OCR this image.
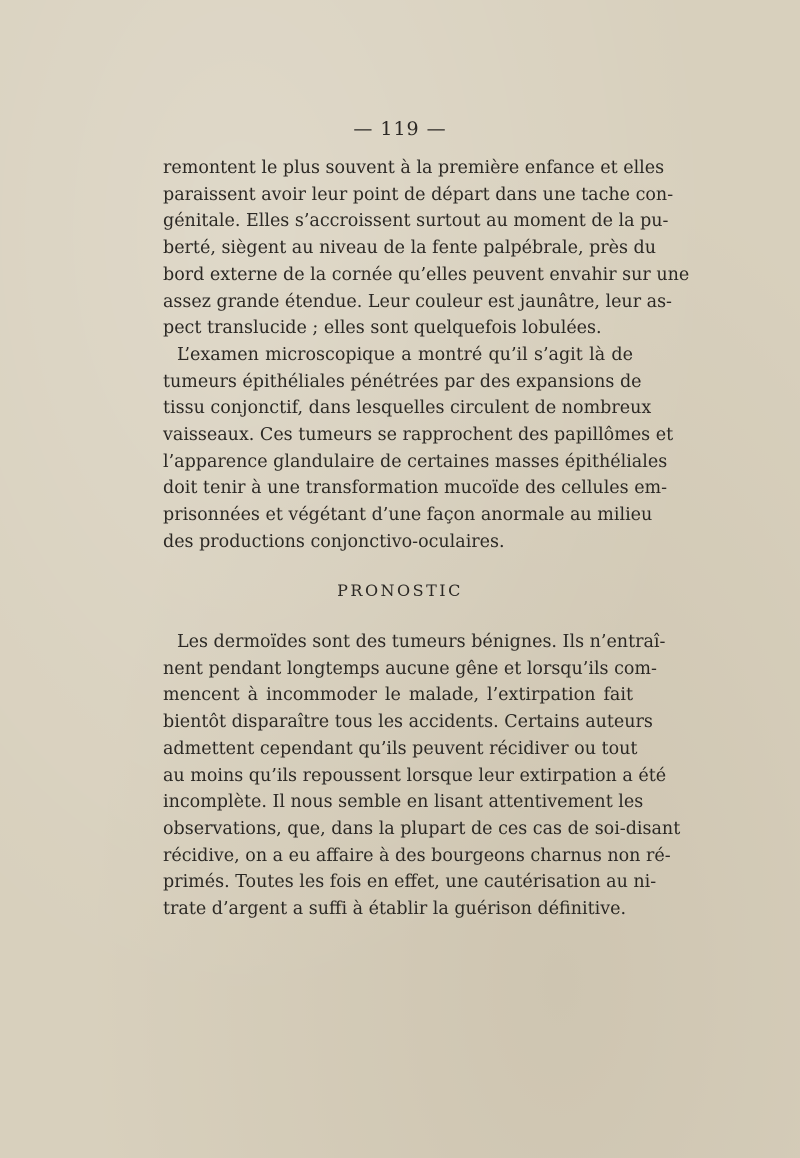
— 119 —
remontent le plus souvent à la première enfance et elles
paraissent avoir leur point de départ dans une tache con-
génitale. Elles s’accroissent surtout au moment de la pu-
berté, siègent au niveau de la fente palpébrale, près du
bord externe de la cornée qu’elles peuvent envahir sur une
assez grande étendue. Leur couleur est jaunâtre, leur as-
pect translucide ; elles sont quelquefois lobulées.
L’examen microscopique a montré qu’il s’agit là de
tumeurs épithéliales pénétrées par des expansions de
tissu conjonctif, dans lesquelles circulent de nombreux
vaisseaux. Ces tumeurs se rapprochent des papillômes et
l’apparence glandulaire de certaines masses épithéliales
doit tenir à une transformation mucoïde des cellules em-
prisonnées et végétant d’une façon anormale au milieu
des productions conjonctivo-oculaires.
PRONOSTIC
Les dermoïdes sont des tumeurs bénignes. Ils n’entraî-
nent pendant longtemps aucune gêne et lorsqu’ils com-
mencent à incommoder le malade, l’extirpation fait
bientôt disparaître tous les accidents. Certains auteurs
admettent cependant qu’ils peuvent récidiver ou tout
au moins qu’ils repoussent lorsque leur extirpation a été
incomplète. Il nous semble en lisant attentivement les
observations, que, dans la plupart de ces cas de soi-disant
récidive, on a eu affaire à des bourgeons charnus non ré-
primés. Toutes les fois en effet, une cautérisation au ni-
trate d’argent a suffi à établir la guérison définitive.
